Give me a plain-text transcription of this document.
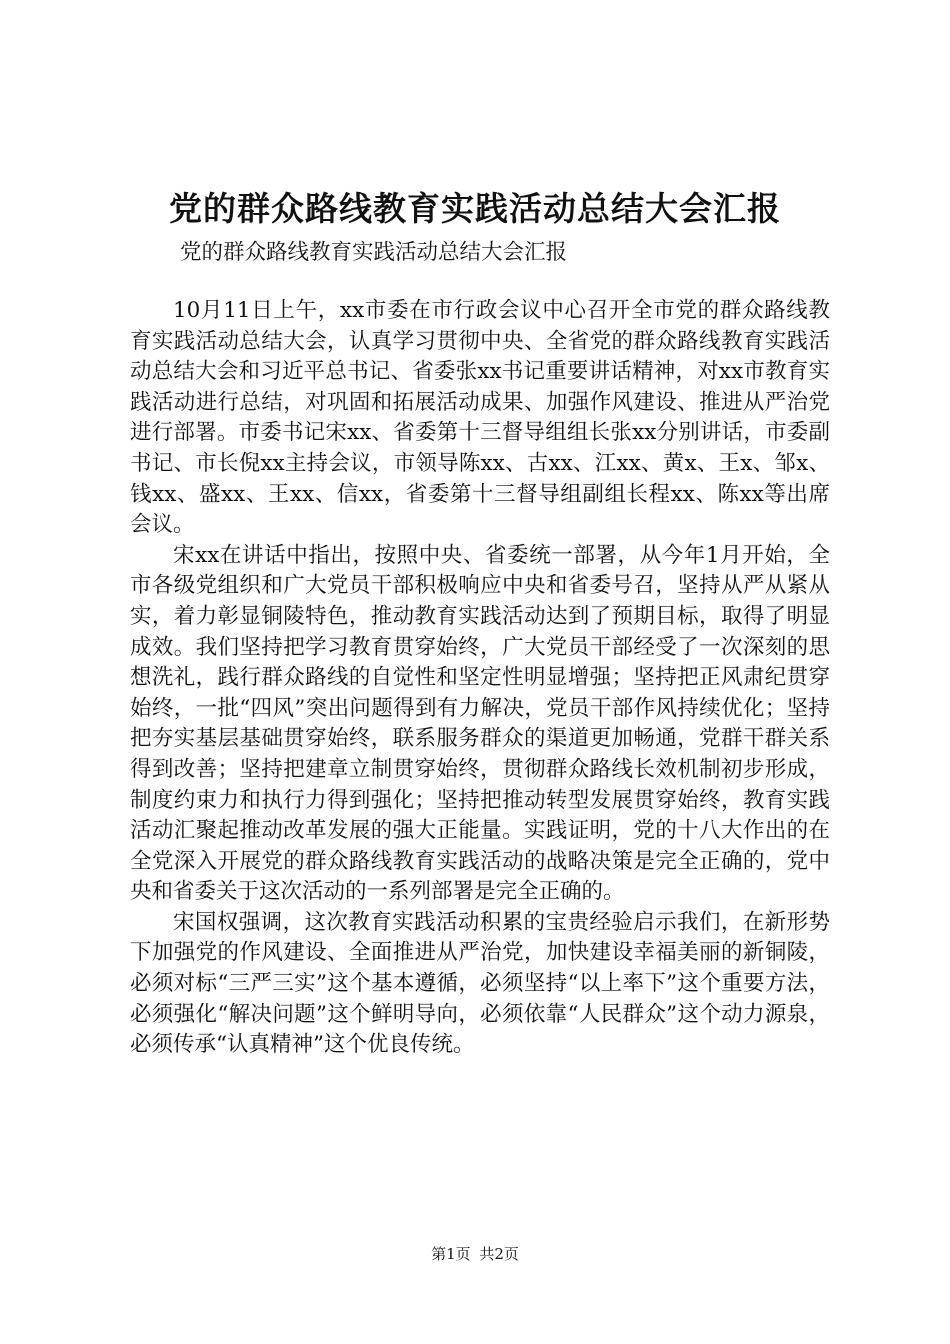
党的群众路线教育实践活动总结大会汇报

党的群众路线教育实践活动总结大会汇报

10月11日上午，xx市委在市行政会议中心召开全市党的群众路线教育实践活动总结大会，认真学习贯彻中央、全省党的群众路线教育实践活动总结大会和习近平总书记、省委张xx书记重要讲话精神，对xx市教育实践活动进行总结，对巩固和拓展活动成果、加强作风建设、推进从严治党进行部署。市委书记宋xx、省委第十三督导组组长张xx分别讲话，市委副书记、市长倪xx主持会议，市领导陈xx、古xx、江xx、黄x、王x、邹x、钱xx、盛xx、王xx、信xx，省委第十三督导组副组长程xx、陈xx等出席会议。

宋xx在讲话中指出，按照中央、省委统一部署，从今年1月开始，全市各级党组织和广大党员干部积极响应中央和省委号召，坚持从严从紧从实，着力彰显铜陵特色，推动教育实践活动达到了预期目标，取得了明显成效。我们坚持把学习教育贯穿始终，广大党员干部经受了一次深刻的思想洗礼，践行群众路线的自觉性和坚定性明显增强；坚持把正风肃纪贯穿始终，一批“四风”突出问题得到有力解决，党员干部作风持续优化；坚持把夯实基层基础贯穿始终，联系服务群众的渠道更加畅通，党群干群关系得到改善；坚持把建章立制贯穿始终，贯彻群众路线长效机制初步形成，制度约束力和执行力得到强化；坚持把推动转型发展贯穿始终，教育实践活动汇聚起推动改革发展的强大正能量。实践证明，党的十八大作出的在全党深入开展党的群众路线教育实践活动的战略决策是完全正确的，党中央和省委关于这次活动的一系列部署是完全正确的。

宋国权强调，这次教育实践活动积累的宝贵经验启示我们，在新形势下加强党的作风建设、全面推进从严治党，加快建设幸福美丽的新铜陵，必须对标“三严三实”这个基本遵循，必须坚持“以上率下”这个重要方法，必须强化“解决问题”这个鲜明导向，必须依靠“人民群众”这个动力源泉，必须传承“认真精神”这个优良传统。

第1页 共2页
